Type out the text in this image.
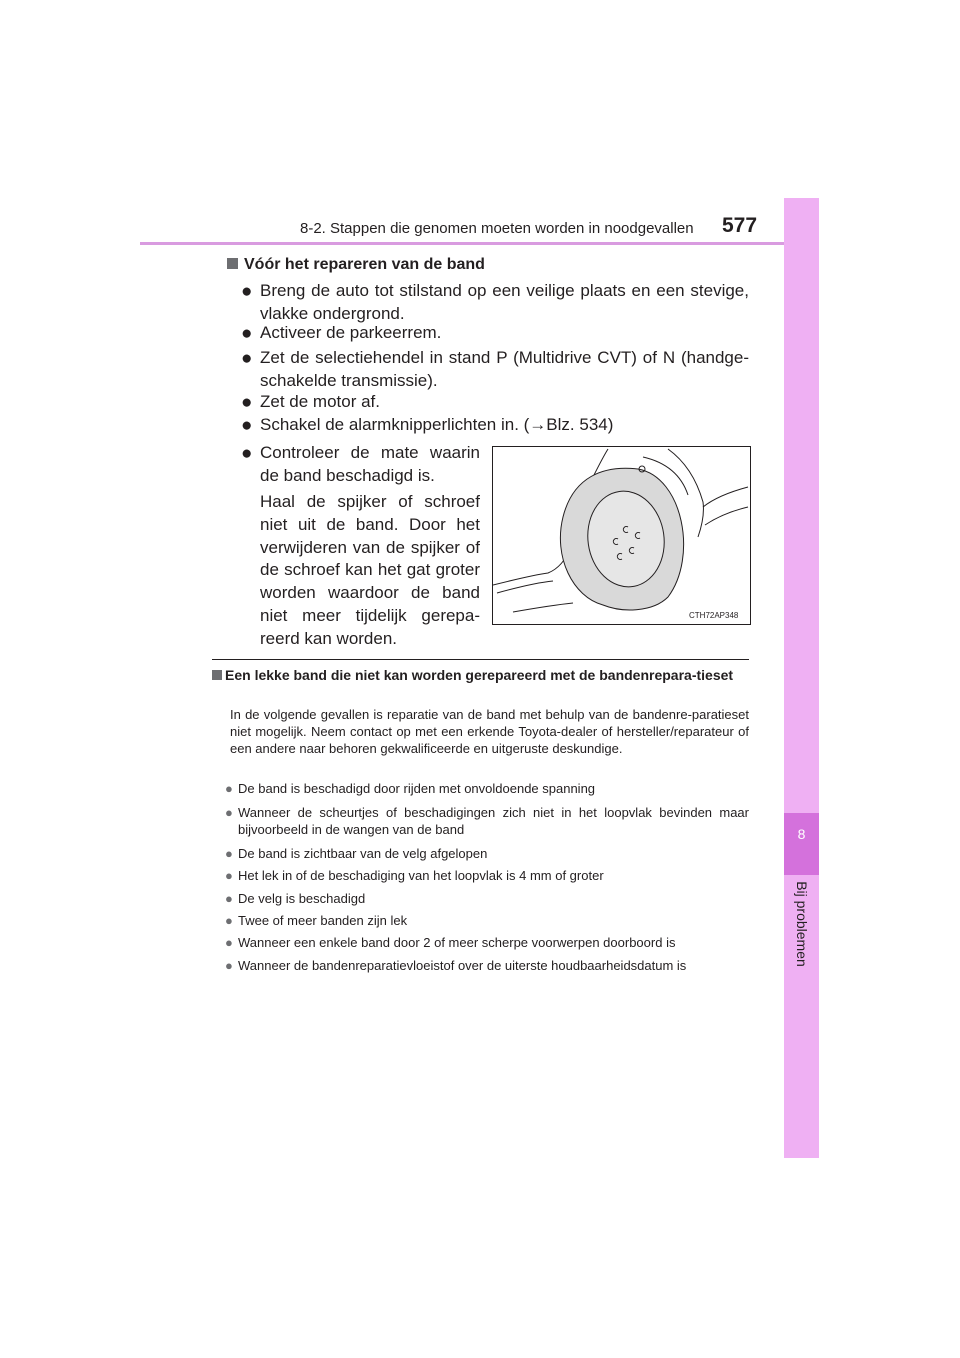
8-2. Stappen die genomen moeten worden in noodgevallen 577
8
Bij problemen
Vóór het repareren van de band
● Breng de auto tot stilstand op een veilige plaats en een stevige, vlakke ondergrond.
● Activeer de parkeerrem.
● Zet de selectiehendel in stand P (Multidrive CVT) of N (handge-schakelde transmissie).
● Zet de motor af.
● Schakel de alarmknipperlichten in. (→Blz. 534)
● Controleer de mate waarin de band beschadigd is.
Haal de spijker of schroef niet uit de band. Door het verwijderen van de spijker of de schroef kan het gat groter worden waardoor de band niet meer tijdelijk gerepa-reerd kan worden.
CTH72AP348
Een lekke band die niet kan worden gerepareerd met de bandenrepara-tieset
In de volgende gevallen is reparatie van de band met behulp van de bandenre-paratieset niet mogelijk. Neem contact op met een erkende Toyota-dealer of hersteller/reparateur of een andere naar behoren gekwalificeerde en uitgeruste deskundige.
● De band is beschadigd door rijden met onvoldoende spanning
● Wanneer de scheurtjes of beschadigingen zich niet in het loopvlak bevinden maar bijvoorbeeld in de wangen van de band
● De band is zichtbaar van de velg afgelopen
● Het lek in of de beschadiging van het loopvlak is 4 mm of groter
● De velg is beschadigd
● Twee of meer banden zijn lek
● Wanneer een enkele band door 2 of meer scherpe voorwerpen doorboord is
● Wanneer de bandenreparatievloeistof over de uiterste houdbaarheidsdatum is
